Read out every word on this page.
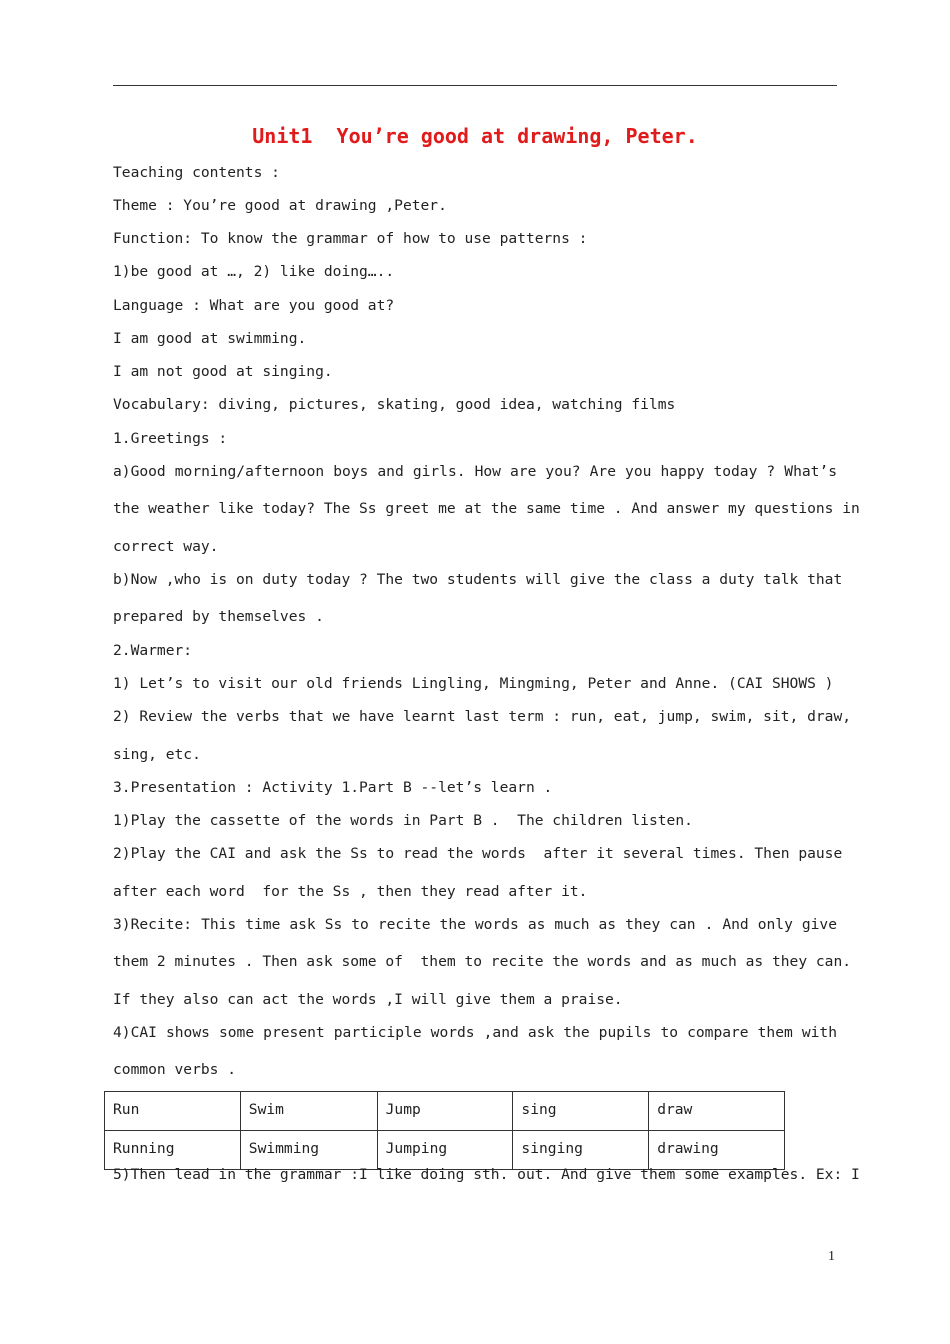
Unit1  You’re good at drawing, Peter.
Teaching contents :
Theme : You’re good at drawing ,Peter.
Function: To know the grammar of how to use patterns :
1)be good at …, 2) like doing…..
Language : What are you good at?
I am good at swimming.
I am not good at singing.
Vocabulary: diving, pictures, skating, good idea, watching films
1.Greetings :
a)Good morning/afternoon boys and girls. How are you? Are you happy today ? What’s
the weather like today? The Ss greet me at the same time . And answer my questions in
correct way.
b)Now ,who is on duty today ? The two students will give the class a duty talk that
prepared by themselves .
2.Warmer:
1) Let’s to visit our old friends Lingling, Mingming, Peter and Anne. (CAI SHOWS )
2) Review the verbs that we have learnt last term : run, eat, jump, swim, sit, draw,
sing, etc.
3.Presentation : Activity 1.Part B --let’s learn .
1)Play the cassette of the words in Part B .  The children listen.
2)Play the CAI and ask the Ss to read the words  after it several times. Then pause
after each word  for the Ss , then they read after it.
3)Recite: This time ask Ss to recite the words as much as they can . And only give
them 2 minutes . Then ask some of  them to recite the words and as much as they can.
If they also can act the words ,I will give them a praise.
4)CAI shows some present participle words ,and ask the pupils to compare them with
common verbs .
Run	Swim	Jump	sing	draw
Running	Swimming	Jumping	singing	drawing
5)Then lead in the grammar :I like doing sth. out. And give them some examples. Ex: I
1
